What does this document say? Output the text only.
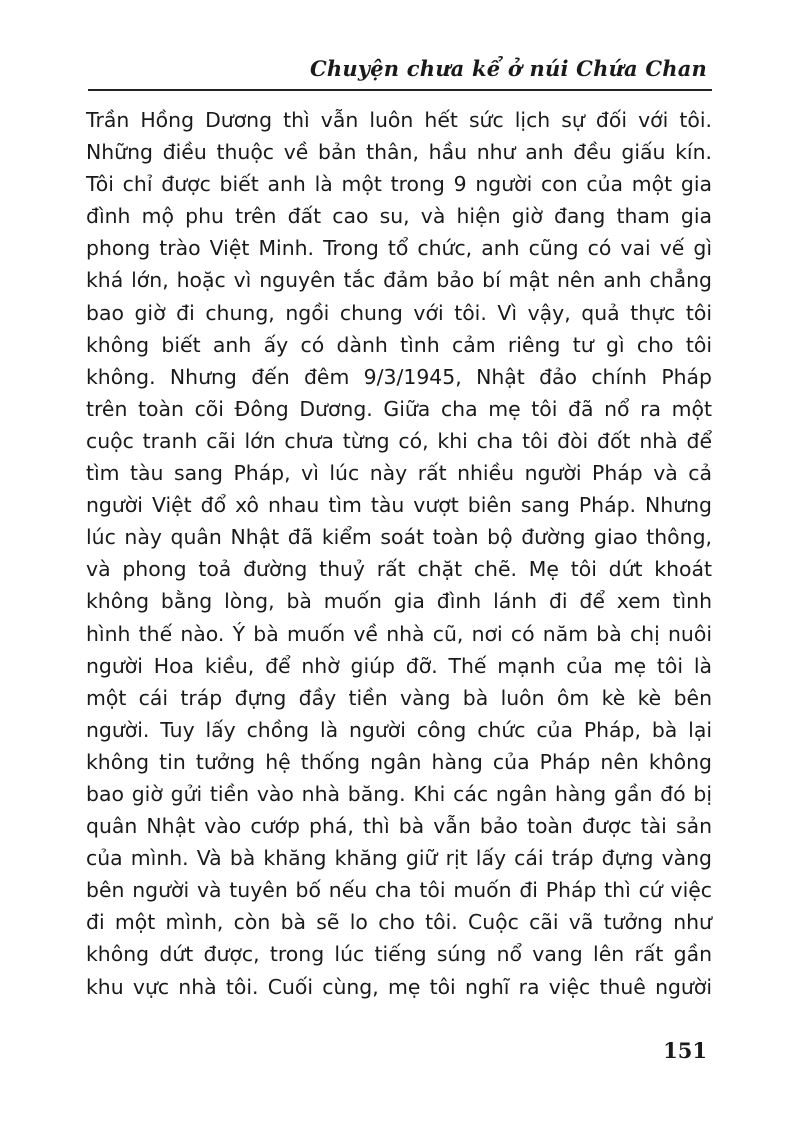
Chuyện chưa kể ở núi Chứa Chan
Trần Hồng Dương thì vẫn luôn hết sức lịch sự đối với tôi.
Những điều thuộc về bản thân, hầu như anh đều giấu kín.
Tôi chỉ được biết anh là một trong 9 người con của một gia
đình mộ phu trên đất cao su, và hiện giờ đang tham gia
phong trào Việt Minh. Trong tổ chức, anh cũng có vai vế gì
khá lớn, hoặc vì nguyên tắc đảm bảo bí mật nên anh chẳng
bao giờ đi chung, ngồi chung với tôi. Vì vậy, quả thực tôi
không biết anh ấy có dành tình cảm riêng tư gì cho tôi
không. Nhưng đến đêm 9/3/1945, Nhật đảo chính Pháp
trên toàn cõi Đông Dương. Giữa cha mẹ tôi đã nổ ra một
cuộc tranh cãi lớn chưa từng có, khi cha tôi đòi đốt nhà để
tìm tàu sang Pháp, vì lúc này rất nhiều người Pháp và cả
người Việt đổ xô nhau tìm tàu vượt biên sang Pháp. Nhưng
lúc này quân Nhật đã kiểm soát toàn bộ đường giao thông,
và phong toả đường thuỷ rất chặt chẽ. Mẹ tôi dứt khoát
không bằng lòng, bà muốn gia đình lánh đi để xem tình
hình thế nào. Ý bà muốn về nhà cũ, nơi có năm bà chị nuôi
người Hoa kiều, để nhờ giúp đỡ. Thế mạnh của mẹ tôi là
một cái tráp đựng đầy tiền vàng bà luôn ôm kè kè bên
người. Tuy lấy chồng là người công chức của Pháp, bà lại
không tin tưởng hệ thống ngân hàng của Pháp nên không
bao giờ gửi tiền vào nhà băng. Khi các ngân hàng gần đó bị
quân Nhật vào cướp phá, thì bà vẫn bảo toàn được tài sản
của mình. Và bà khăng khăng giữ rịt lấy cái tráp đựng vàng
bên người và tuyên bố nếu cha tôi muốn đi Pháp thì cứ việc
đi một mình, còn bà sẽ lo cho tôi. Cuộc cãi vã tưởng như
không dứt được, trong lúc tiếng súng nổ vang lên rất gần
khu vực nhà tôi. Cuối cùng, mẹ tôi nghĩ ra việc thuê người
151
